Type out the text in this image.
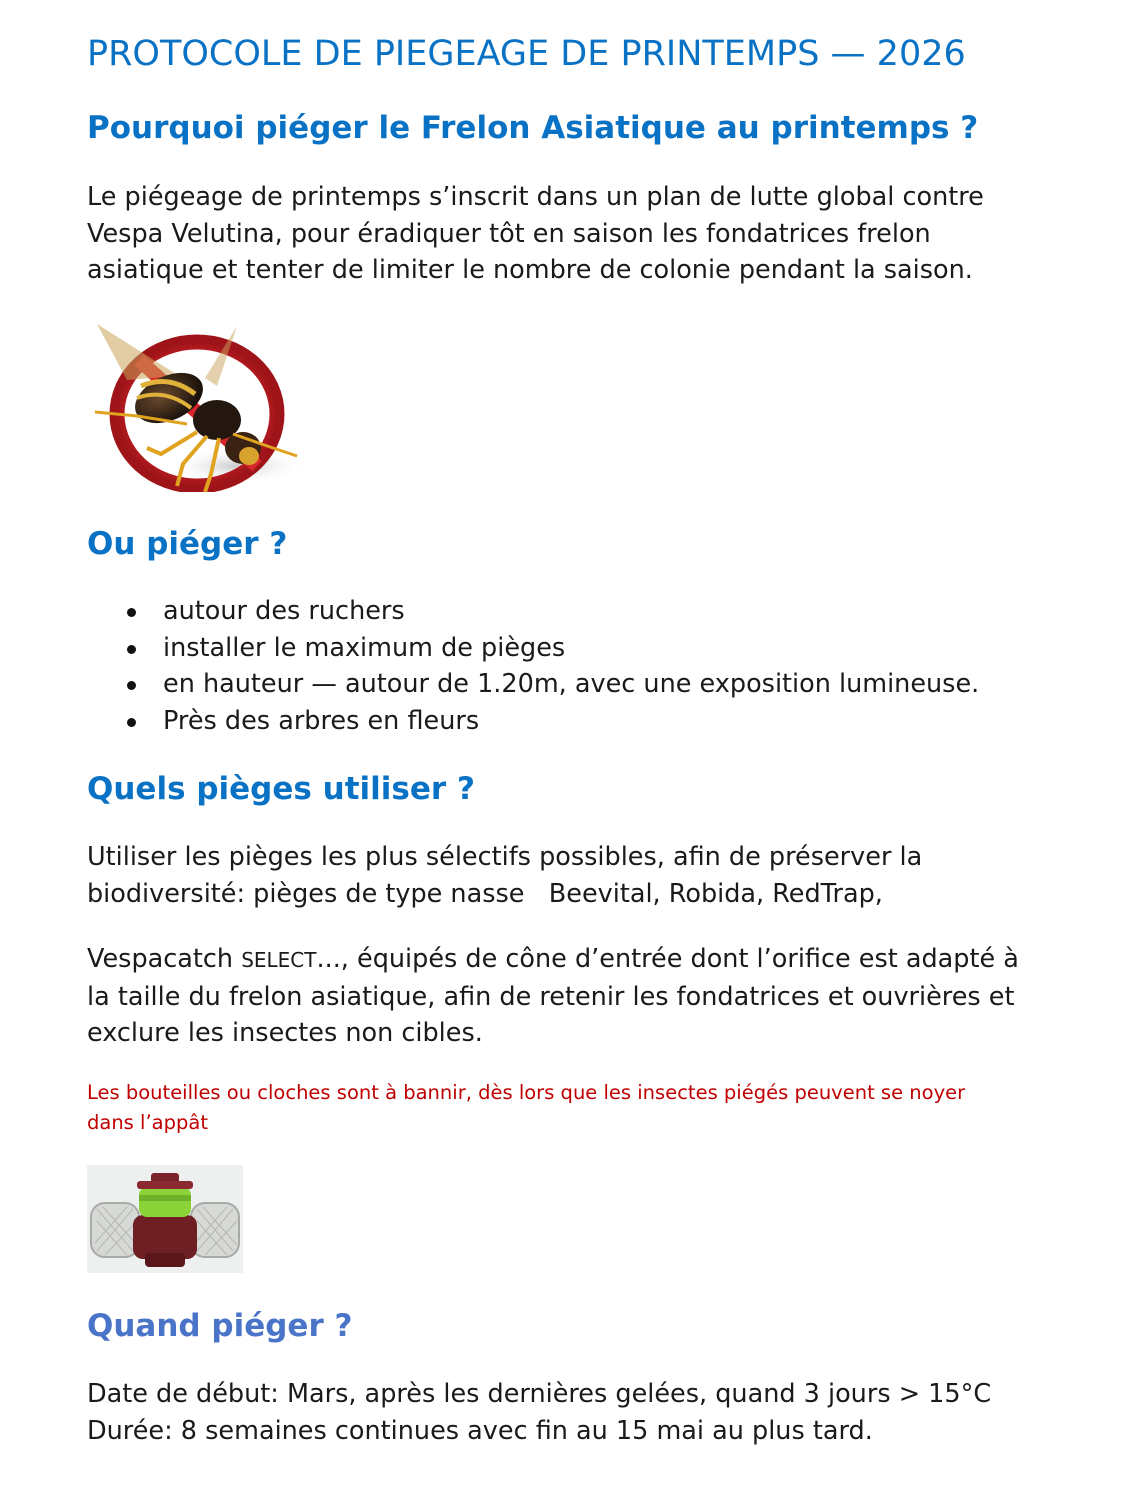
PROTOCOLE DE PIEGEAGE DE PRINTEMPS — 2026
Pourquoi piéger le Frelon Asiatique au printemps ?
Le piégeage de printemps s’inscrit dans un plan de lutte global contre
Vespa Velutina, pour éradiquer tôt en saison les fondatrices frelon
asiatique et tenter de limiter le nombre de colonie pendant la saison.
Ou piéger ?
autour des ruchers
installer le maximum de pièges
en hauteur — autour de 1.20m, avec une exposition lumineuse.
Près des arbres en fleurs
Quels pièges utiliser ?
Utiliser les pièges les plus sélectifs possibles, afin de préserver la
biodiversité: pièges de type nasse   Beevital, Robida, RedTrap,
Vespacatch SELECT..., équipés de cône d’entrée dont l’orifice est adapté à
la taille du frelon asiatique, afin de retenir les fondatrices et ouvrières et
exclure les insectes non cibles.
Les bouteilles ou cloches sont à bannir, dès lors que les insectes piégés peuvent se noyer
dans l’appât
Quand piéger ?
Date de début: Mars, après les dernières gelées, quand 3 jours > 15°C
Durée: 8 semaines continues avec fin au 15 mai au plus tard.
